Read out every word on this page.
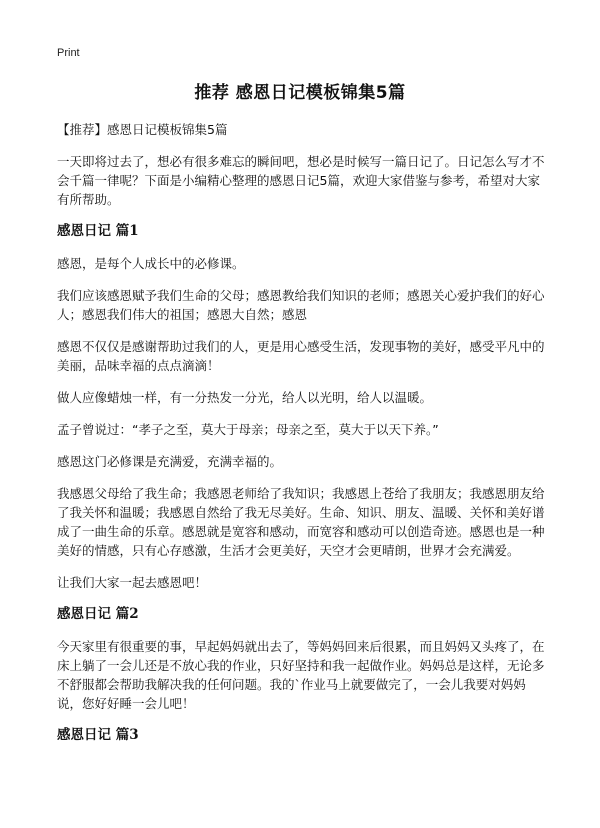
Print
推荐 感恩日记模板锦集5篇

【推荐】感恩日记模板锦集5篇

一天即将过去了，想必有很多难忘的瞬间吧，想必是时候写一篇日记了。日记怎么写才不会千篇一律呢？下面是小编精心整理的感恩日记5篇，欢迎大家借鉴与参考，希望对大家有所帮助。

感恩日记 篇1

感恩，是每个人成长中的必修课。

我们应该感恩赋予我们生命的父母；感恩教给我们知识的老师；感恩关心爱护我们的好心人；感恩我们伟大的祖国；感恩大自然；感恩

感恩不仅仅是感谢帮助过我们的人，更是用心感受生活，发现事物的美好，感受平凡中的美丽，品味幸福的点点滴滴！

做人应像蜡烛一样，有一分热发一分光，给人以光明，给人以温暖。

孟子曾说过：“孝子之至，莫大于母亲；母亲之至，莫大于以天下养。”

感恩这门必修课是充满爱，充满幸福的。

我感恩父母给了我生命；我感恩老师给了我知识；我感恩上苍给了我朋友；我感恩朋友给了我关怀和温暖；我感恩自然给了我无尽美好。生命、知识、朋友、温暖、关怀和美好谱成了一曲生命的乐章。感恩就是宽容和感动，而宽容和感动可以创造奇迹。感恩也是一种美好的情感，只有心存感激，生活才会更美好，天空才会更晴朗，世界才会充满爱。

让我们大家一起去感恩吧！

感恩日记 篇2

今天家里有很重要的事，早起妈妈就出去了，等妈妈回来后很累，而且妈妈又头疼了，在床上躺了一会儿还是不放心我的作业，只好坚持和我一起做作业。妈妈总是这样，无论多不舒服都会帮助我解决我的任何问题。我的`作业马上就要做完了，一会儿我要对妈妈说，您好好睡一会儿吧！

感恩日记 篇3
